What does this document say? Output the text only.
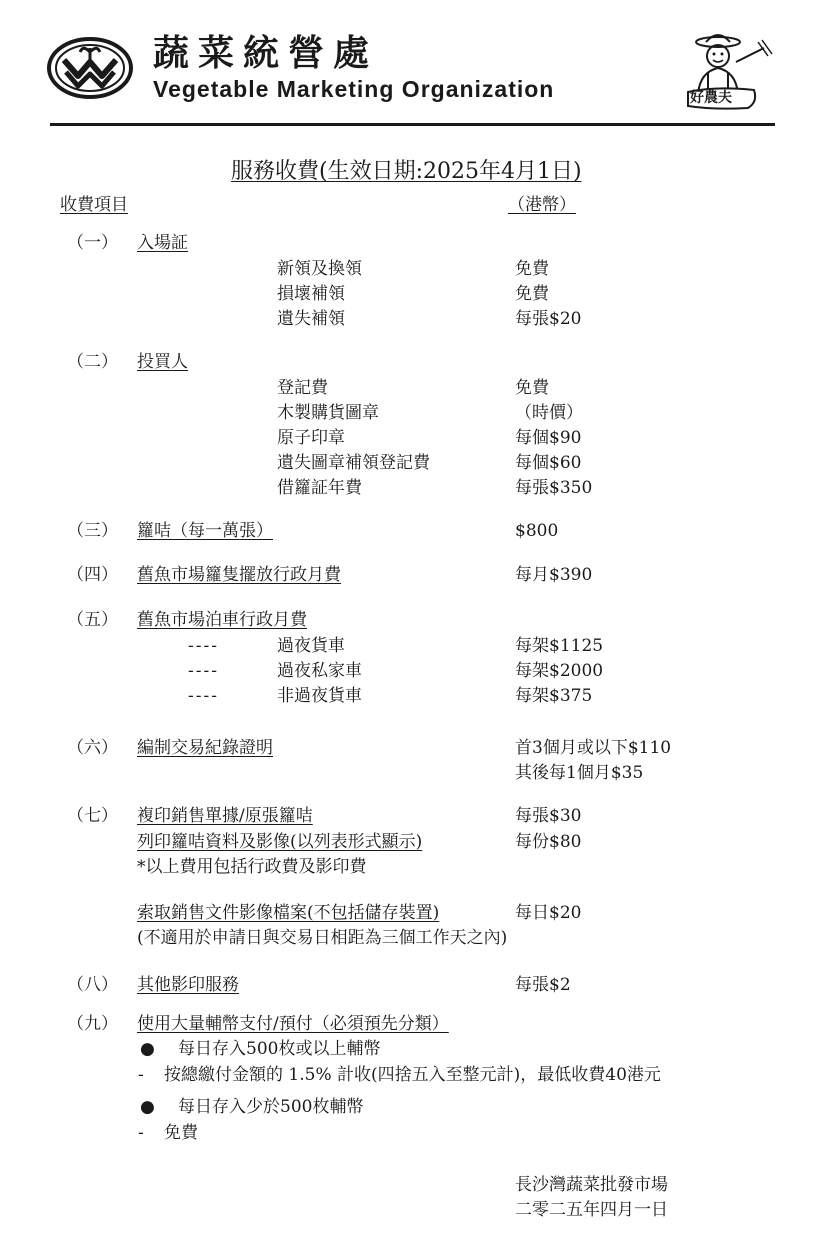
蔬菜統營處
Vegetable Marketing Organization	好農夫
服務收費(生效日期:2025年4月1日)
收費項目	（港幣）
（一） 入場証
新領及換領	免費
損壞補領	免費
遺失補領	每張$20
（二） 投買人
登記費	免費
木製購貨圖章	（時價）
原子印章	每個$90
遺失圖章補領登記費	每個$60
借籮証年費	每張$350
（三） 籮咭（每一萬張）	$800
（四） 舊魚市場籮隻擺放行政月費	每月$390
（五） 舊魚市場泊車行政月費
----	過夜貨車	每架$1125
----	過夜私家車	每架$2000
----	非過夜貨車	每架$375
（六） 編制交易紀錄證明	首3個月或以下$110
其後每1個月$35
（七） 複印銷售單據/原張籮咭	每張$30
列印籮咭資料及影像(以列表形式顯示)	每份$80
*以上費用包括行政費及影印費
索取銷售文件影像檔案(不包括儲存裝置)	每日$20
(不適用於申請日與交易日相距為三個工作天之內)
（八） 其他影印服務	每張$2
（九） 使用大量輔幣支付/預付（必須預先分類）
● 每日存入500枚或以上輔幣
- 按總繳付金額的 1.5% 計收(四捨五入至整元計)，最低收費40港元
● 每日存入少於500枚輔幣
- 免費
長沙灣蔬菜批發市場
二零二五年四月一日
